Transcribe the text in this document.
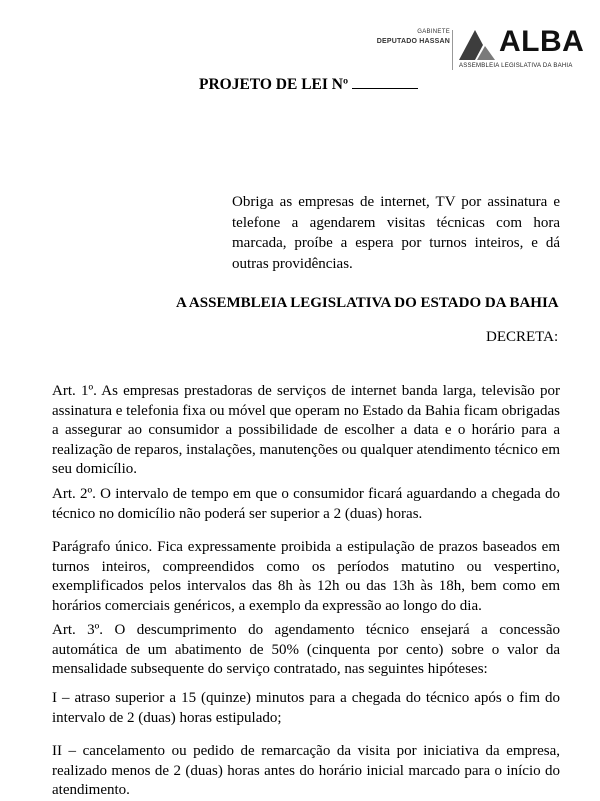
GABINETE
DEPUTADO HASSAN ALBA
ASSEMBLEIA LEGISLATIVA DA BAHIA
PROJETO DE LEI Nº
Obriga as empresas de internet, TV por assinatura e telefone a agendarem visitas técnicas com hora marcada, proíbe a espera por turnos inteiros, e dá outras providências.
A ASSEMBLEIA LEGISLATIVA DO ESTADO DA BAHIA
DECRETA:

Art. 1º. As empresas prestadoras de serviços de internet banda larga, televisão por assinatura e telefonia fixa ou móvel que operam no Estado da Bahia ficam obrigadas a assegurar ao consumidor a possibilidade de escolher a data e o horário para a realização de reparos, instalações, manutenções ou qualquer atendimento técnico em seu domicílio.

Art. 2º. O intervalo de tempo em que o consumidor ficará aguardando a chegada do técnico no domicílio não poderá ser superior a 2 (duas) horas.

Parágrafo único. Fica expressamente proibida a estipulação de prazos baseados em turnos inteiros, compreendidos como os períodos matutino ou vespertino, exemplificados pelos intervalos das 8h às 12h ou das 13h às 18h, bem como em horários comerciais genéricos, a exemplo da expressão ao longo do dia.

Art. 3º. O descumprimento do agendamento técnico ensejará a concessão automática de um abatimento de 50% (cinquenta por cento) sobre o valor da mensalidade subsequente do serviço contratado, nas seguintes hipóteses:

I – atraso superior a 15 (quinze) minutos para a chegada do técnico após o fim do intervalo de 2 (duas) horas estipulado;

II – cancelamento ou pedido de remarcação da visita por iniciativa da empresa, realizado menos de 2 (duas) horas antes do horário inicial marcado para o início do atendimento.
